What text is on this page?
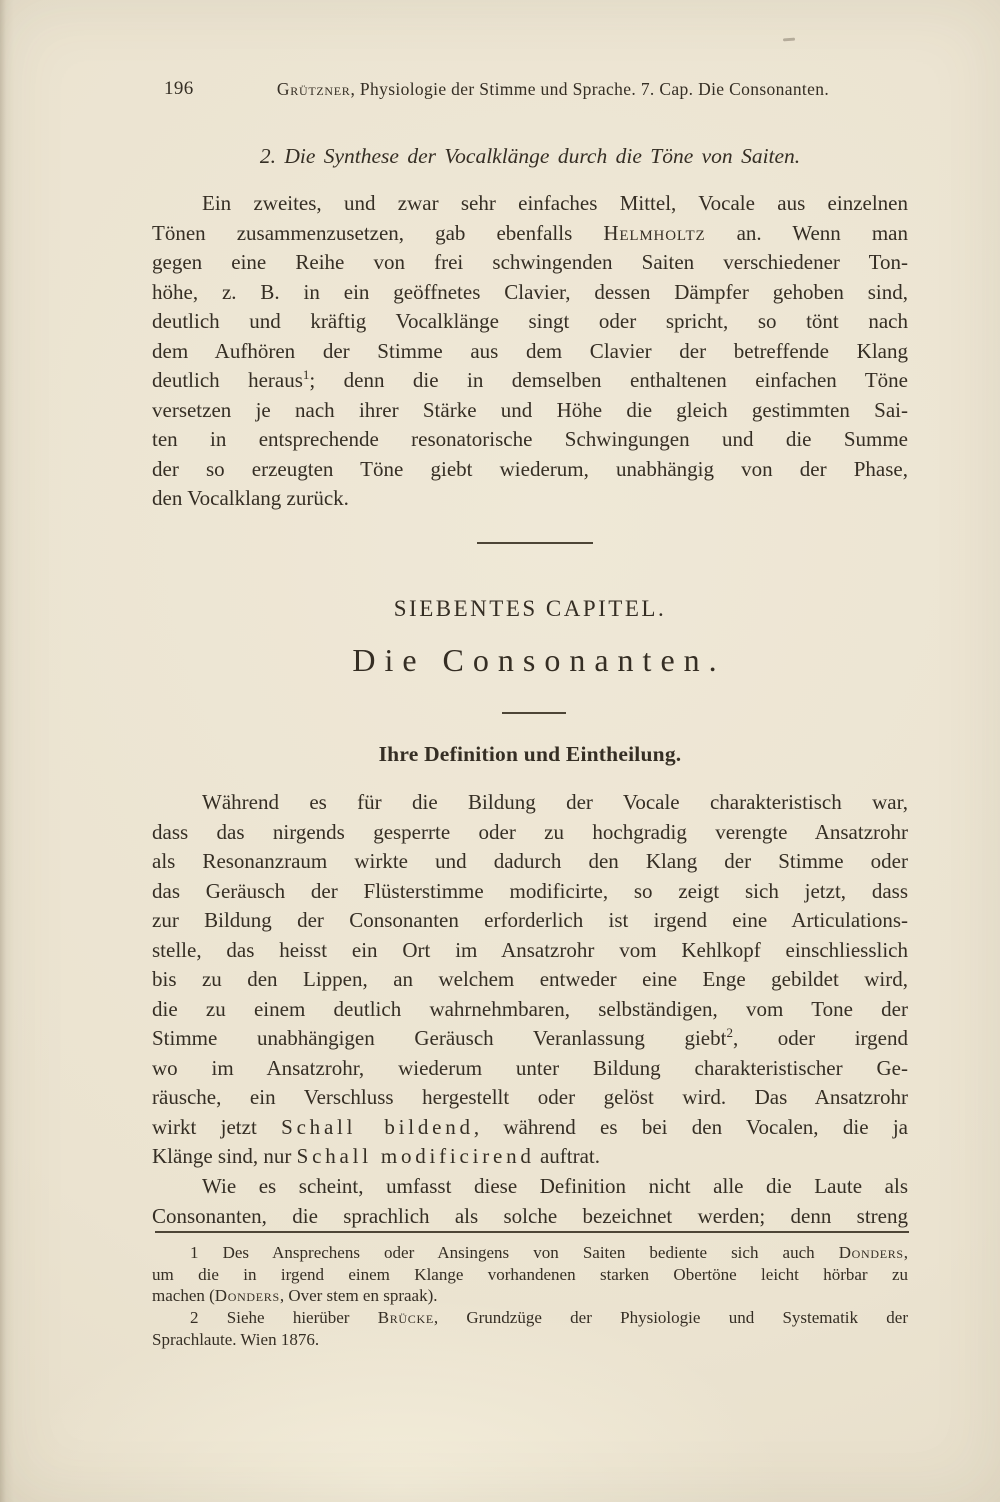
196	Grützner, Physiologie der Stimme und Sprache. 7. Cap. Die Consonanten.
2. Die Synthese der Vocalklänge durch die Töne von Saiten.
Ein zweites, und zwar sehr einfaches Mittel, Vocale aus einzelnen
Tönen zusammenzusetzen, gab ebenfalls Helmholtz an. Wenn man
gegen eine Reihe von frei schwingenden Saiten verschiedener Ton-
höhe, z. B. in ein geöffnetes Clavier, dessen Dämpfer gehoben sind,
deutlich und kräftig Vocalklänge singt oder spricht, so tönt nach
dem Aufhören der Stimme aus dem Clavier der betreffende Klang
deutlich heraus$^1$; denn die in demselben enthaltenen einfachen Töne
versetzen je nach ihrer Stärke und Höhe die gleich gestimmten Sai-
ten in entsprechende resonatorische Schwingungen und die Summe
der so erzeugten Töne giebt wiederum, unabhängig von der Phase,
den Vocalklang zurück.
SIEBENTES CAPITEL.
Die Consonanten.
Ihre Definition und Eintheilung.
Während es für die Bildung der Vocale charakteristisch war,
dass das nirgends gesperrte oder zu hochgradig verengte Ansatzrohr
als Resonanzraum wirkte und dadurch den Klang der Stimme oder
das Geräusch der Flüsterstimme modificirte, so zeigt sich jetzt, dass
zur Bildung der Consonanten erforderlich ist irgend eine Articulations-
stelle, das heisst ein Ort im Ansatzrohr vom Kehlkopf einschliesslich
bis zu den Lippen, an welchem entweder eine Enge gebildet wird,
die zu einem deutlich wahrnehmbaren, selbständigen, vom Tone der
Stimme unabhängigen Geräusch Veranlassung giebt$^2$, oder irgend
wo im Ansatzrohr, wiederum unter Bildung charakteristischer Ge-
räusche, ein Verschluss hergestellt oder gelöst wird. Das Ansatzrohr
wirkt jetzt Schall bildend, während es bei den Vocalen, die ja
Klänge sind, nur Schall modificirend auftrat.
Wie es scheint, umfasst diese Definition nicht alle die Laute als
Consonanten, die sprachlich als solche bezeichnet werden; denn streng
1 Des Ansprechens oder Ansingens von Saiten bediente sich auch Donders,
um die in irgend einem Klange vorhandenen starken Obertöne leicht hörbar zu
machen (Donders, Over stem en spraak).
2 Siehe hierüber Brücke, Grundzüge der Physiologie und Systematik der
Sprachlaute. Wien 1876.
